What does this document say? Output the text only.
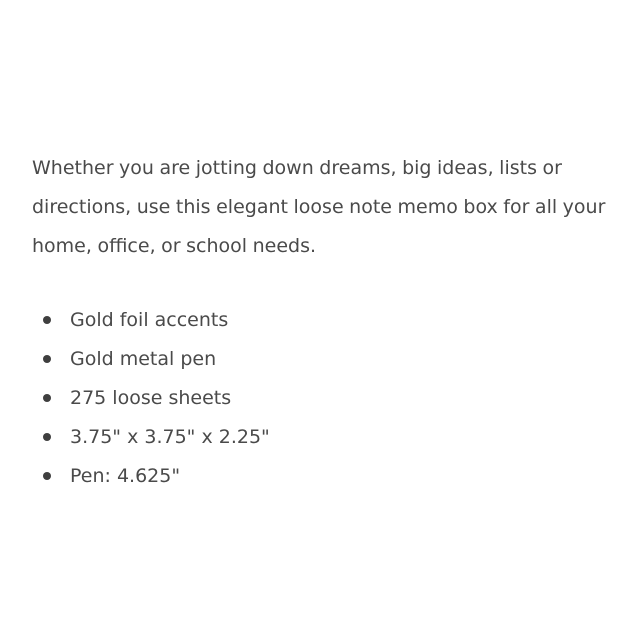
Whether you are jotting down dreams, big ideas, lists or directions, use this elegant loose note memo box for all your home, office, or school needs.

Gold foil accents
Gold metal pen
275 loose sheets
3.75" x 3.75" x 2.25"
Pen: 4.625"
